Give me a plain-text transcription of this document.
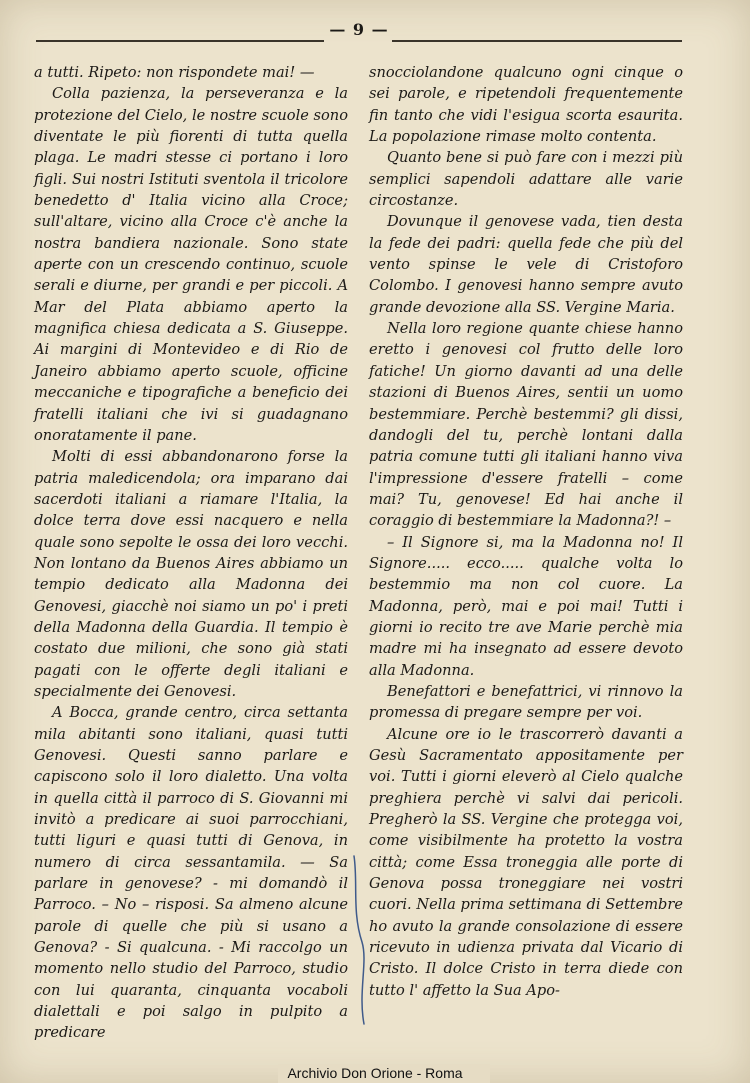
— 9 —

a tutti. Ripeto: non rispondete mai! —

Colla pazienza, la perseveranza e la protezione del Cielo, le nostre scuole sono diventate le più fiorenti di tutta quella plaga. Le madri stesse ci portano i loro figli. Sui nostri Istituti sventola il tricolore benedetto d' Italia vicino alla Croce; sull'altare, vicino alla Croce c'è anche la nostra bandiera nazionale. Sono state aperte con un crescendo continuo, scuole serali e diurne, per grandi e per piccoli. A Mar del Plata abbiamo aperto la magnifica chiesa dedicata a S. Giuseppe. Ai margini di Montevideo e di Rio de Janeiro abbiamo aperto scuole, officine meccaniche e tipografiche a beneficio dei fratelli italiani che ivi si guadagnano onoratamente il pane.

Molti di essi abbandonarono forse la patria maledicendola; ora imparano dai sacerdoti italiani a riamare l'Italia, la dolce terra dove essi nacquero e nella quale sono sepolte le ossa dei loro vecchi. Non lontano da Buenos Aires abbiamo un tempio dedicato alla Madonna dei Genovesi, giacchè noi siamo un po' i preti della Madonna della Guardia. Il tempio è costato due milioni, che sono già stati pagati con le offerte degli italiani e specialmente dei Genovesi.

A Bocca, grande centro, circa settanta mila abitanti sono italiani, quasi tutti Genovesi. Questi sanno parlare e capiscono solo il loro dialetto. Una volta in quella città il parroco di S. Giovanni mi invitò a predicare ai suoi parrocchiani, tutti liguri e quasi tutti di Genova, in numero di circa sessantamila. — Sa parlare in genovese? - mi domandò il Parroco. – No – risposi. Sa almeno alcune parole di quelle che più si usano a Genova? - Si qualcuna. - Mi raccolgo un momento nello studio del Parroco, studio con lui quaranta, cinquanta vocaboli dialettali e poi salgo in pulpito a predicare

snocciolandone qualcuno ogni cinque o sei parole, e ripetendoli frequentemente fin tanto che vidi l'esigua scorta esaurita. La popolazione rimase molto contenta.

Quanto bene si può fare con i mezzi più semplici sapendoli adattare alle varie circostanze.

Dovunque il genovese vada, tien desta la fede dei padri: quella fede che più del vento spinse le vele di Cristoforo Colombo. I genovesi hanno sempre avuto grande devozione alla SS. Vergine Maria.

Nella loro regione quante chiese hanno eretto i genovesi col frutto delle loro fatiche! Un giorno davanti ad una delle stazioni di Buenos Aires, sentii un uomo bestemmiare. Perchè bestemmi? gli dissi, dandogli del tu, perchè lontani dalla patria comune tutti gli italiani hanno viva l'impressione d'essere fratelli – come mai? Tu, genovese! Ed hai anche il coraggio di bestemmiare la Madonna?! –

– Il Signore si, ma la Madonna no! Il Signore..... ecco..... qualche volta lo bestemmio ma non col cuore. La Madonna, però, mai e poi mai! Tutti i giorni io recito tre ave Marie perchè mia madre mi ha insegnato ad essere devoto alla Madonna.

Benefattori e benefattrici, vi rinnovo la promessa di pregare sempre per voi.

Alcune ore io le trascorrerò davanti a Gesù Sacramentato appositamente per voi. Tutti i giorni eleverò al Cielo qualche preghiera perchè vi salvi dai pericoli. Pregherò la SS. Vergine che protegga voi, come visibilmente ha protetto la vostra città; come Essa troneggia alle porte di Genova possa troneggiare nei vostri cuori. Nella prima settimana di Settembre ho avuto la grande consolazione di essere ricevuto in udienza privata dal Vicario di Cristo. Il dolce Cristo in terra diede con tutto l' affetto la Sua Apo-

Archivio Don Orione - Roma
